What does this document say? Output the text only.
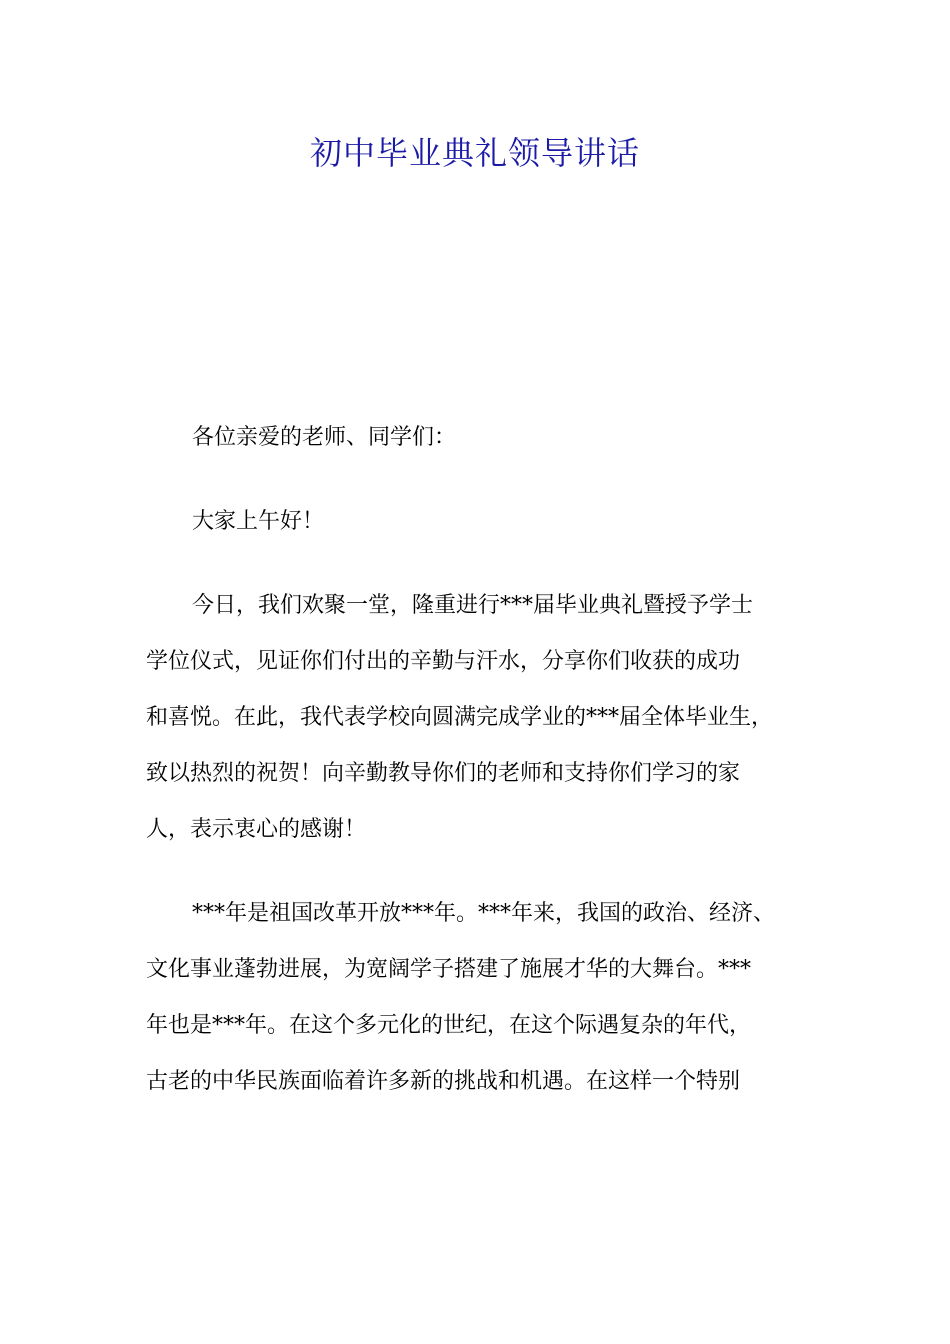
初中毕业典礼领导讲话
各位亲爱的老师、同学们：
大家上午好！
今日，我们欢聚一堂，隆重进行***届毕业典礼暨授予学士
学位仪式，见证你们付出的辛勤与汗水，分享你们收获的成功
和喜悦。在此，我代表学校向圆满完成学业的***届全体毕业生，
致以热烈的祝贺！向辛勤教导你们的老师和支持你们学习的家
人，表示衷心的感谢！
***年是祖国改革开放***年。***年来，我国的政治、经济、
文化事业蓬勃进展，为宽阔学子搭建了施展才华的大舞台。***
年也是***年。在这个多元化的世纪，在这个际遇复杂的年代，
古老的中华民族面临着许多新的挑战和机遇。在这样一个特别
